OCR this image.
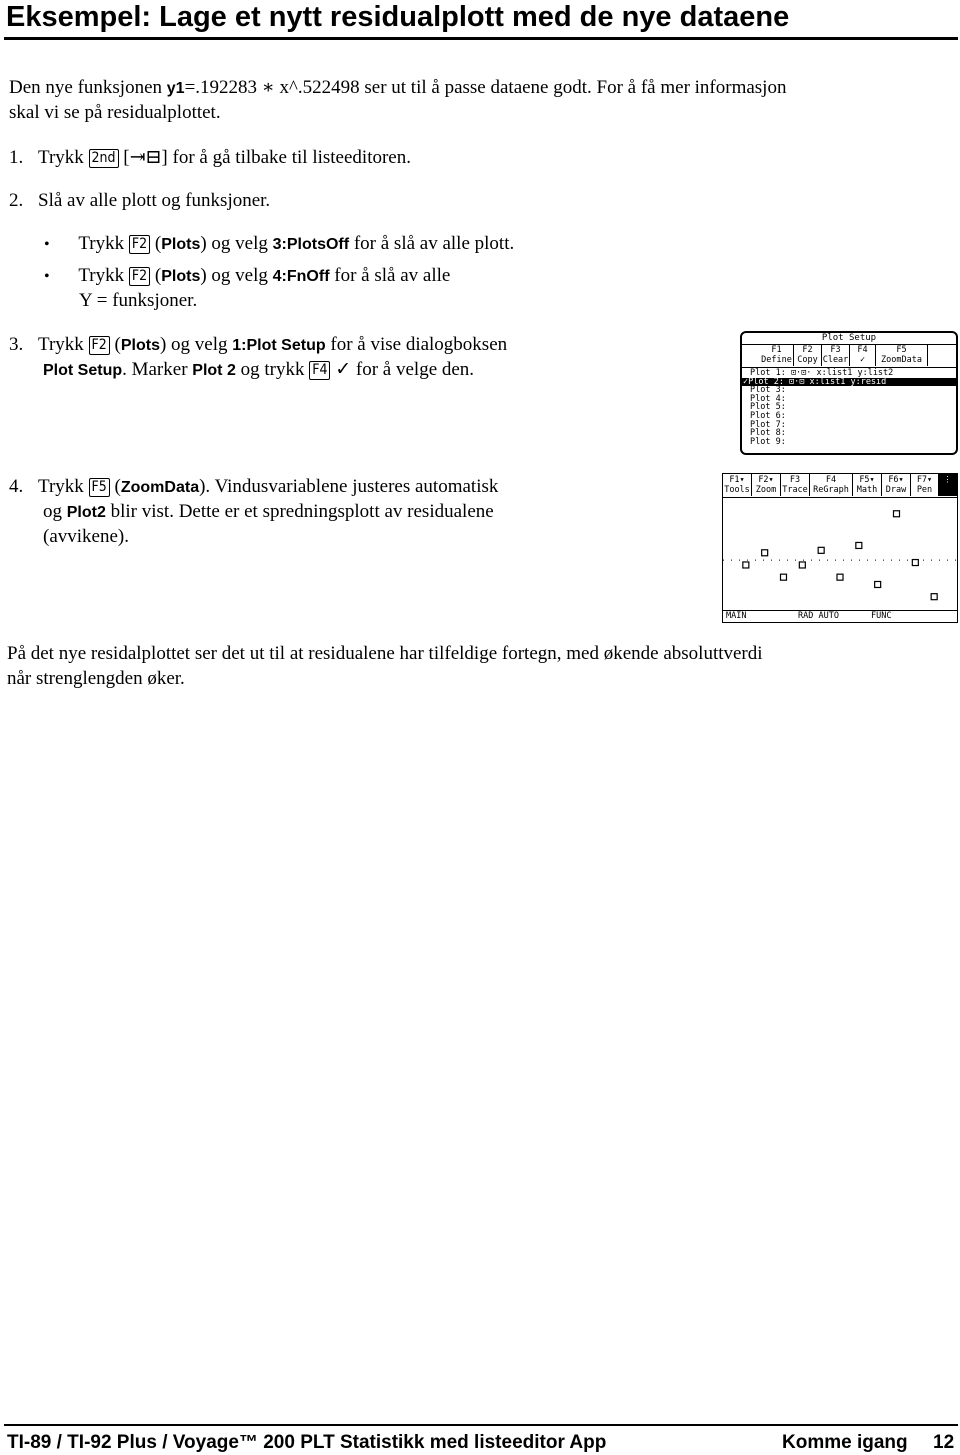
Eksempel: Lage et nytt residualplott med de nye dataene
Den nye funksjonen y1=.192283 ∗ x^.522498 ser ut til å passe dataene godt. For å få mer informasjon
skal vi se på residualplottet.
1. Trykk 2nd [⇥⊟] for å gå tilbake til listeeditoren.
2. Slå av alle plott og funksjoner.
• Trykk F2 (Plots) og velg 3:PlotsOff for å slå av alle plott.
• Trykk F2 (Plots) og velg 4:FnOff for å slå av alle
Y = funksjoner.
3. Trykk F2 (Plots) og velg 1:Plot Setup for å vise dialogboksen
Plot Setup. Marker Plot 2 og trykk F4 ✓ for å velge den.
Plot Setup
F1
Define
F2
Copy
F3
Clear
F4
✓
F5
ZoomData
Plot 1: ⊡·⊡· x:list1 y:list2
✓Plot 2: ⊡·⊡ x:list1 y:resid
Plot 3:
Plot 4:
Plot 5:
Plot 6:
Plot 7:
Plot 8:
Plot 9:
4. Trykk F5 (ZoomData). Vindusvariablene justeres automatisk
og Plot2 blir vist. Dette er et spredningsplott av residualene
(avvikene).
F1▾
Tools
F2▾
Zoom
F3
Trace
F4
ReGraph
F5▾
Math
F6▾
Draw
F7▾
Pen
⋮
MAIN	RAD AUTO	FUNC
På det nye residalplottet ser det ut til at residualene har tilfeldige fortegn, med økende absoluttverdi
når strenglengden øker.
TI-89 / TI-92 Plus / Voyage™ 200 PLT Statistikk med listeeditor App	Komme igang 12
